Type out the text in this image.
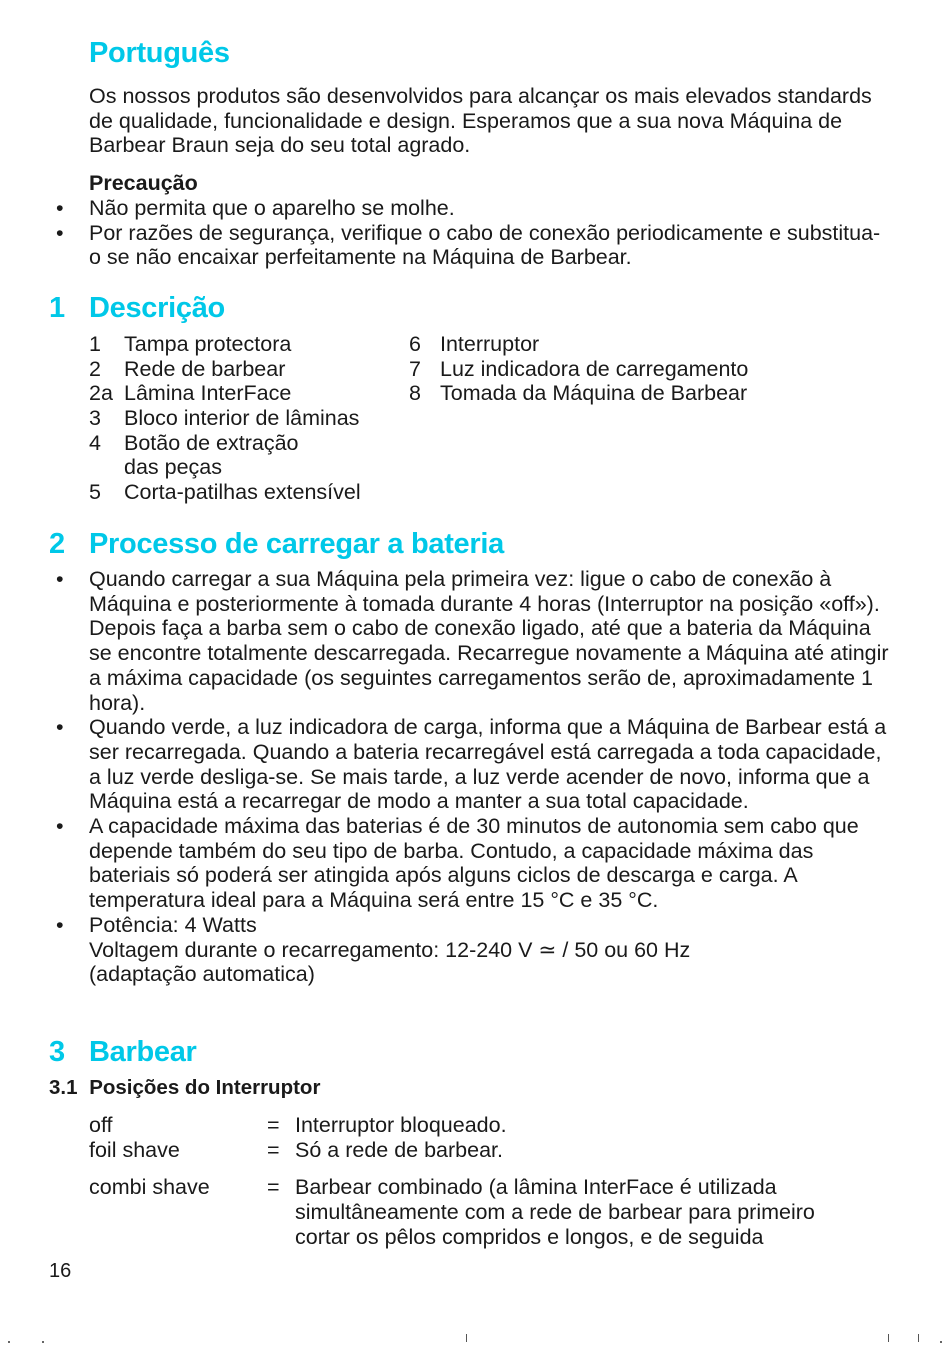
Português
Os nossos produtos são desenvolvidos para alcançar os mais elevados standards de qualidade, funcionalidade e design. Esperamos que a sua nova Máquina de Barbear Braun seja do seu total agrado.
Precaução
• Não permita que o aparelho se molhe.
• Por razões de segurança, verifique o cabo de conexão periodicamente e substitua-o se não encaixar perfeitamente na Máquina de Barbear.
1 Descrição
1 Tampa protectora
2 Rede de barbear
2a Lâmina InterFace
3 Bloco interior de lâminas
4 Botão de extração
das peças
5 Corta-patilhas extensível
6 Interruptor
7 Luz indicadora de carregamento
8 Tomada da Máquina de Barbear
2 Processo de carregar a bateria
• Quando carregar a sua Máquina pela primeira vez: ligue o cabo de conexão à Máquina e posteriormente à tomada durante 4 horas (Interruptor na posição «off»). Depois faça a barba sem o cabo de conexão ligado, até que a bateria da Máquina se encontre totalmente descarregada. Recarregue novamente a Máquina até atingir a máxima capacidade (os seguintes carregamentos serão de, aproximadamente 1 hora).
• Quando verde, a luz indicadora de carga, informa que a Máquina de Barbear está a ser recarregada. Quando a bateria recarregável está carregada a toda capacidade, a luz verde desliga-se. Se mais tarde, a luz verde acender de novo, informa que a Máquina está a recarregar de modo a manter a sua total capacidade.
• A capacidade máxima das baterias é de 30 minutos de autonomia sem cabo que depende também do seu tipo de barba. Contudo, a capacidade máxima das bateriais só poderá ser atingida após alguns ciclos de descarga e carga. A temperatura ideal para a Máquina será entre 15 °C e 35 °C.
• Potência: 4 Watts
Voltagem durante o recarregamento: 12-240 V ≃ / 50 ou 60 Hz
(adaptação automatica)
3 Barbear
3.1 Posições do Interruptor
off	= Interruptor bloqueado.
foil shave	= Só a rede de barbear.
combi shave	= Barbear combinado (a lâmina InterFace é utilizada simultâneamente com a rede de barbear para primeiro cortar os pêlos compridos e longos, e de seguida
16
